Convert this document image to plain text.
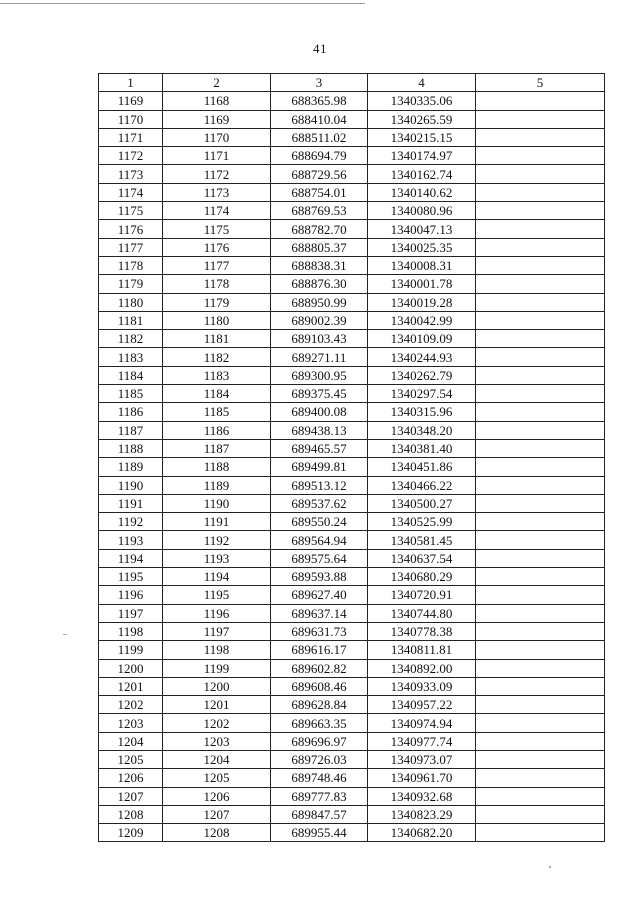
41
1	2	3	4	5
1169	1168	688365.98	1340335.06	
1170	1169	688410.04	1340265.59	
1171	1170	688511.02	1340215.15	
1172	1171	688694.79	1340174.97	
1173	1172	688729.56	1340162.74	
1174	1173	688754.01	1340140.62	
1175	1174	688769.53	1340080.96	
1176	1175	688782.70	1340047.13	
1177	1176	688805.37	1340025.35	
1178	1177	688838.31	1340008.31	
1179	1178	688876.30	1340001.78	
1180	1179	688950.99	1340019.28	
1181	1180	689002.39	1340042.99	
1182	1181	689103.43	1340109.09	
1183	1182	689271.11	1340244.93	
1184	1183	689300.95	1340262.79	
1185	1184	689375.45	1340297.54	
1186	1185	689400.08	1340315.96	
1187	1186	689438.13	1340348.20	
1188	1187	689465.57	1340381.40	
1189	1188	689499.81	1340451.86	
1190	1189	689513.12	1340466.22	
1191	1190	689537.62	1340500.27	
1192	1191	689550.24	1340525.99	
1193	1192	689564.94	1340581.45	
1194	1193	689575.64	1340637.54	
1195	1194	689593.88	1340680.29	
1196	1195	689627.40	1340720.91	
1197	1196	689637.14	1340744.80	
1198	1197	689631.73	1340778.38	
1199	1198	689616.17	1340811.81	
1200	1199	689602.82	1340892.00	
1201	1200	689608.46	1340933.09	
1202	1201	689628.84	1340957.22	
1203	1202	689663.35	1340974.94	
1204	1203	689696.97	1340977.74	
1205	1204	689726.03	1340973.07	
1206	1205	689748.46	1340961.70	
1207	1206	689777.83	1340932.68	
1208	1207	689847.57	1340823.29	
1209	1208	689955.44	1340682.20	
